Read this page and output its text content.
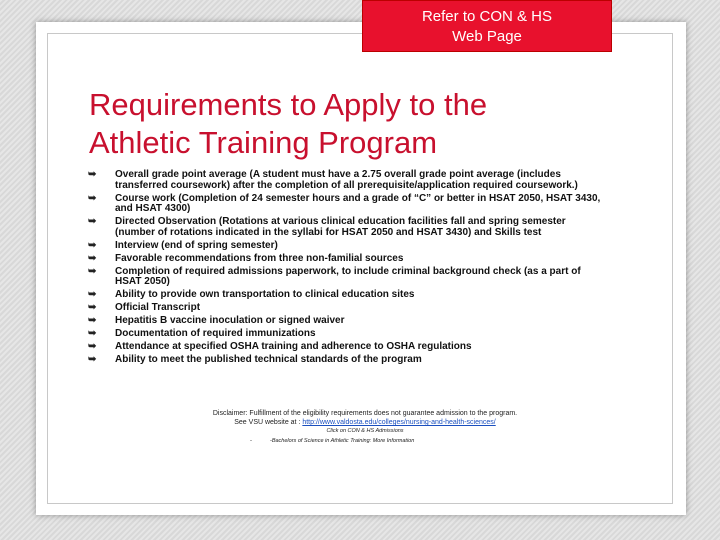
Refer to CON & HS
Web Page
Requirements to Apply to the
Athletic Training Program
➥ Overall grade point average (A student must have a 2.75 overall grade point average (includes transferred coursework) after the completion of all prerequisite/application required coursework.)
➥ Course work (Completion of 24 semester hours and a grade of “C” or better in HSAT 2050, HSAT 3430, and HSAT 4300)
➥ Directed Observation (Rotations at various clinical education facilities fall and spring semester (number of rotations indicated in the syllabi for HSAT 2050 and HSAT 3430) and Skills test
➥ Interview (end of spring semester)
➥ Favorable recommendations from three non-familial sources
➥ Completion of required admissions paperwork, to include criminal background check (as a part of HSAT 2050)
➥ Ability to provide own transportation to clinical education sites
➥ Official Transcript
➥ Hepatitis B vaccine inoculation or signed waiver
➥ Documentation of required immunizations
➥ Attendance at specified OSHA training and adherence to OSHA regulations
➥ Ability to meet the published technical standards of the program
Disclaimer: Fulfillment of the eligibility requirements does not guarantee admission to the program.
See VSU website at : http://www.valdosta.edu/colleges/nursing-and-health-sciences/
Click on CON & HS Admissions
-	-Bachelors of Science in Athletic Training: More Information
